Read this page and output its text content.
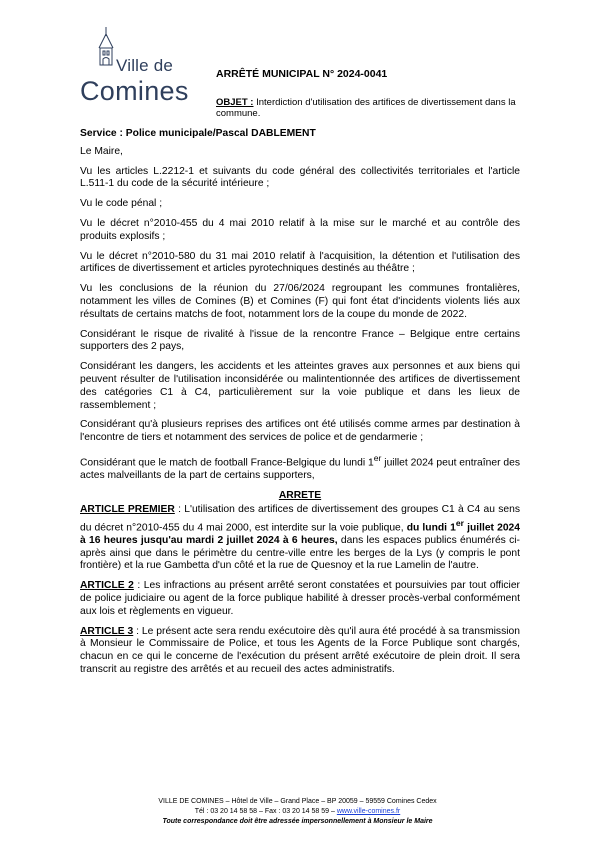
Ville de
Comines
ARRÊTÉ MUNICIPAL N° 2024-0041
OBJET : Interdiction d'utilisation des artifices de divertissement dans la commune.

Service : Police municipale/Pascal DABLEMENT

Le Maire,

Vu les articles L.2212-1 et suivants du code général des collectivités territoriales et l'article L.511-1 du code de la sécurité intérieure ;

Vu le code pénal ;

Vu le décret n°2010-455 du 4 mai 2010 relatif à la mise sur le marché et au contrôle des produits explosifs ;

Vu le décret n°2010-580 du 31 mai 2010 relatif à l'acquisition, la détention et l'utilisation des artifices de divertissement et articles pyrotechniques destinés au théâtre ;

Vu les conclusions de la réunion du 27/06/2024 regroupant les communes frontalières, notamment les villes de Comines (B) et Comines (F) qui font état d'incidents violents liés aux résultats de certains matchs de foot, notamment lors de la coupe du monde de 2022.

Considérant le risque de rivalité à l'issue de la rencontre France – Belgique entre certains supporters des 2 pays,

Considérant les dangers, les accidents et les atteintes graves aux personnes et aux biens qui peuvent résulter de l'utilisation inconsidérée ou malintentionnée des artifices de divertissement des catégories C1 à C4, particulièrement sur la voie publique et dans les lieux de rassemblement ;

Considérant qu'à plusieurs reprises des artifices ont été utilisés comme armes par destination à l'encontre de tiers et notamment des services de police et de gendarmerie ;

Considérant que le match de football France-Belgique du lundi 1er juillet 2024 peut entraîner des actes malveillants de la part de certains supporters,

ARRETE

ARTICLE PREMIER : L'utilisation des artifices de divertissement des groupes C1 à C4 au sens du décret n°2010-455 du 4 mai 2000, est interdite sur la voie publique, du lundi 1er juillet 2024 à 16 heures jusqu'au mardi 2 juillet 2024 à 6 heures, dans les espaces publics énumérés ci-après ainsi que dans le périmètre du centre-ville entre les berges de la Lys (y compris le pont frontière) et la rue Gambetta d'un côté et la rue de Quesnoy et la rue Lamelin de l'autre.

ARTICLE 2 : Les infractions au présent arrêté seront constatées et poursuivies par tout officier de police judiciaire ou agent de la force publique habilité à dresser procès-verbal conformément aux lois et règlements en vigueur.

ARTICLE 3 : Le présent acte sera rendu exécutoire dès qu'il aura été procédé à sa transmission à Monsieur le Commissaire de Police, et tous les Agents de la Force Publique sont chargés, chacun en ce qui le concerne de l'exécution du présent arrêté exécutoire de plein droit. Il sera transcrit au registre des arrêtés et au recueil des actes administratifs.

VILLE DE COMINES – Hôtel de Ville – Grand Place – BP 20059 – 59559 Comines Cedex
Tél : 03 20 14 58 58 – Fax : 03 20 14 58 59 – www.ville-comines.fr
Toute correspondance doit être adressée impersonnellement à Monsieur le Maire
